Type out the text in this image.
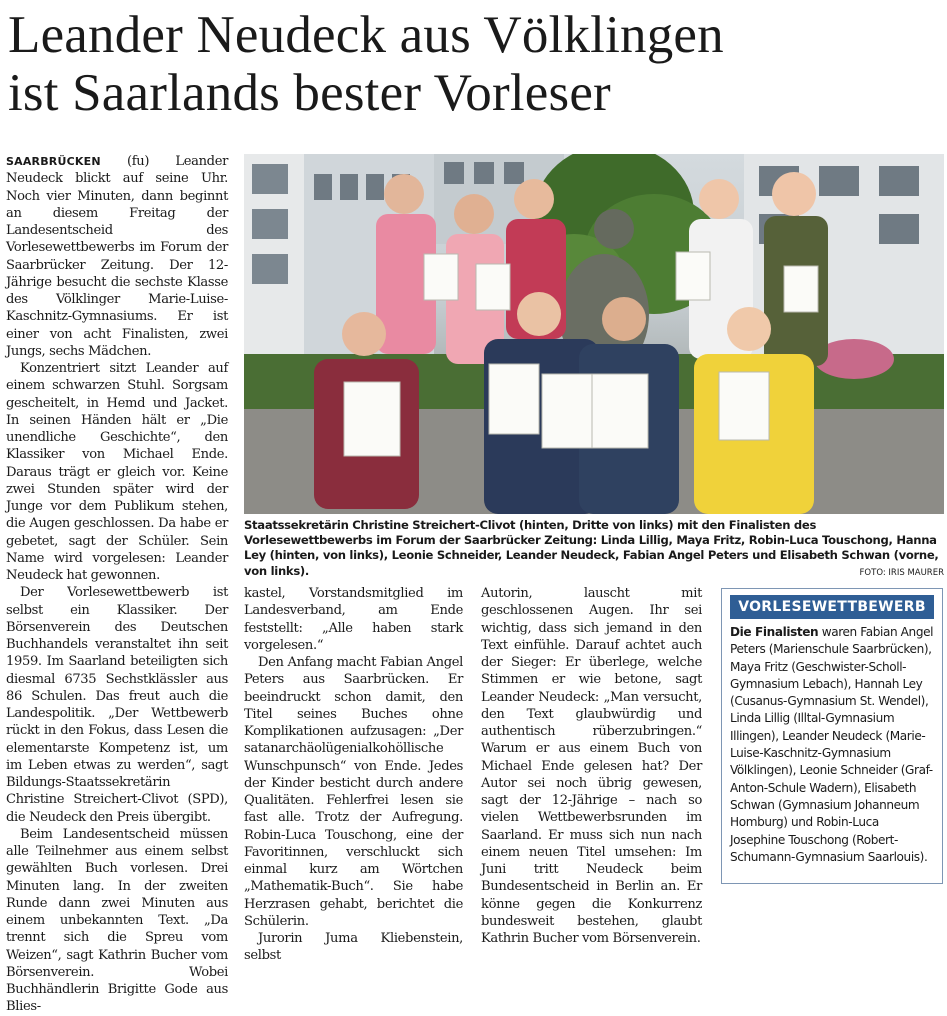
Leander Neudeck aus Völklingen
ist Saarlands bester Vorleser

SAARBRÜCKEN (fu) Leander Neudeck blickt auf seine Uhr. Noch vier Minuten, dann beginnt an diesem Freitag der Landesentscheid des Vorlesewettbewerbs im Forum der Saarbrücker Zeitung. Der 12-Jährige besucht die sechste Klasse des Völklinger Marie-Luise-Kaschnitz-Gymnasiums. Er ist einer von acht Finalisten, zwei Jungs, sechs Mädchen.

Konzentriert sitzt Leander auf einem schwarzen Stuhl. Sorgsam gescheitelt, in Hemd und Jacket. In seinen Händen hält er „Die unendliche Geschichte“, den Klassiker von Michael Ende. Daraus trägt er gleich vor. Keine zwei Stunden später wird der Junge vor dem Publikum stehen, die Augen geschlossen. Da habe er gebetet, sagt der Schüler. Sein Name wird vorgelesen: Leander Neudeck hat gewonnen.

Der Vorlesewettbewerb ist selbst ein Klassiker. Der Börsenverein des Deutschen Buchhandels veranstaltet ihn seit 1959. Im Saarland beteiligten sich diesmal 6735 Sechstklässler aus 86 Schulen. Das freut auch die Landespolitik. „Der Wettbewerb rückt in den Fokus, dass Lesen die elementarste Kompetenz ist, um im Leben etwas zu werden“, sagt Bildungs-Staatssekretärin Christine Streichert-Clivot (SPD), die Neudeck den Preis übergibt.

Beim Landesentscheid müssen alle Teilnehmer aus einem selbst gewählten Buch vorlesen. Drei Minuten lang. In der zweiten Runde dann zwei Minuten aus einem unbekannten Text. „Da trennt sich die Spreu vom Weizen“, sagt Kathrin Bucher vom Börsenverein. Wobei Buchhändlerin Brigitte Gode aus Blies-

Staatssekretärin Christine Streichert-Clivot (hinten, Dritte von links) mit den Finalisten des Vorlesewettbewerbs im Forum der Saarbrücker Zeitung: Linda Lillig, Maya Fritz, Robin-Luca Touschong, Hanna Ley (hinten, von links), Leonie Schneider, Leander Neudeck, Fabian Angel Peters und Elisabeth Schwan (vorne, von links).	FOTO: IRIS MAURER

kastel, Vorstandsmitglied im Landesverband, am Ende feststellt: „Alle haben stark vorgelesen.“

Den Anfang macht Fabian Angel Peters aus Saarbrücken. Er beeindruckt schon damit, den Titel seines Buches ohne Komplikationen aufzusagen: „Der satanarchäolügenialkohöllische Wunschpunsch“ von Ende. Jedes der Kinder besticht durch andere Qualitäten. Fehlerfrei lesen sie fast alle. Trotz der Aufregung. Robin-Luca Touschong, eine der Favoritinnen, verschluckt sich einmal kurz am Wörtchen „Mathematik-Buch“. Sie habe Herzrasen gehabt, berichtet die Schülerin.

Jurorin Juma Kliebenstein, selbst

Autorin, lauscht mit geschlossenen Augen. Ihr sei wichtig, dass sich jemand in den Text einfühle. Darauf achtet auch der Sieger: Er überlege, welche Stimmen er wie betone, sagt Leander Neudeck: „Man versucht, den Text glaubwürdig und authentisch rüberzubringen.“ Warum er aus einem Buch von Michael Ende gelesen hat? Der Autor sei noch übrig gewesen, sagt der 12-Jährige – nach so vielen Wettbewerbsrunden im Saarland. Er muss sich nun nach einem neuen Titel umsehen: Im Juni tritt Neudeck beim Bundesentscheid in Berlin an. Er könne gegen die Konkurrenz bundesweit bestehen, glaubt Kathrin Bucher vom Börsenverein.

VORLESEWETTBEWERB
Die Finalisten waren Fabian Angel Peters (Marienschule Saarbrücken), Maya Fritz (Geschwister-Scholl-Gymnasium Lebach), Hannah Ley (Cusanus-Gymnasium St. Wendel), Linda Lillig (Illtal-Gymnasium Illingen), Leander Neudeck (Marie-Luise-Kaschnitz-Gymnasium Völklingen), Leonie Schneider (Graf-Anton-Schule Wadern), Elisabeth Schwan (Gymnasium Johanneum Homburg) und Robin-Luca Josephine Touschong (Robert-Schumann-Gymnasium Saarlouis).
